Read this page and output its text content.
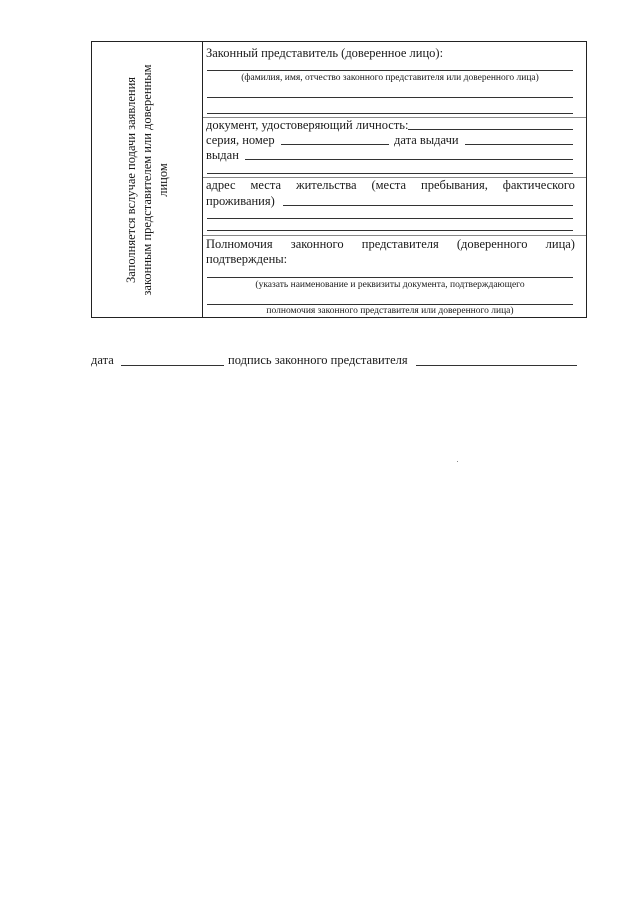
Заполняется вслучае подачи заявления законным представителем или доверенным лицом
Законный представитель (доверенное лицо):
(фамилия, имя, отчество законного представителя или доверенного лица)
документ, удостоверяющий личность:
серия, номер	дата выдачи
выдан
адрес места жительства (места пребывания, фактического
проживания)
Полномочия законного представителя (доверенного лица)
подтверждены:
(указать наименование и реквизиты документа, подтверждающего
полномочия законного представителя или доверенного лица)
дата	подпись законного представителя
